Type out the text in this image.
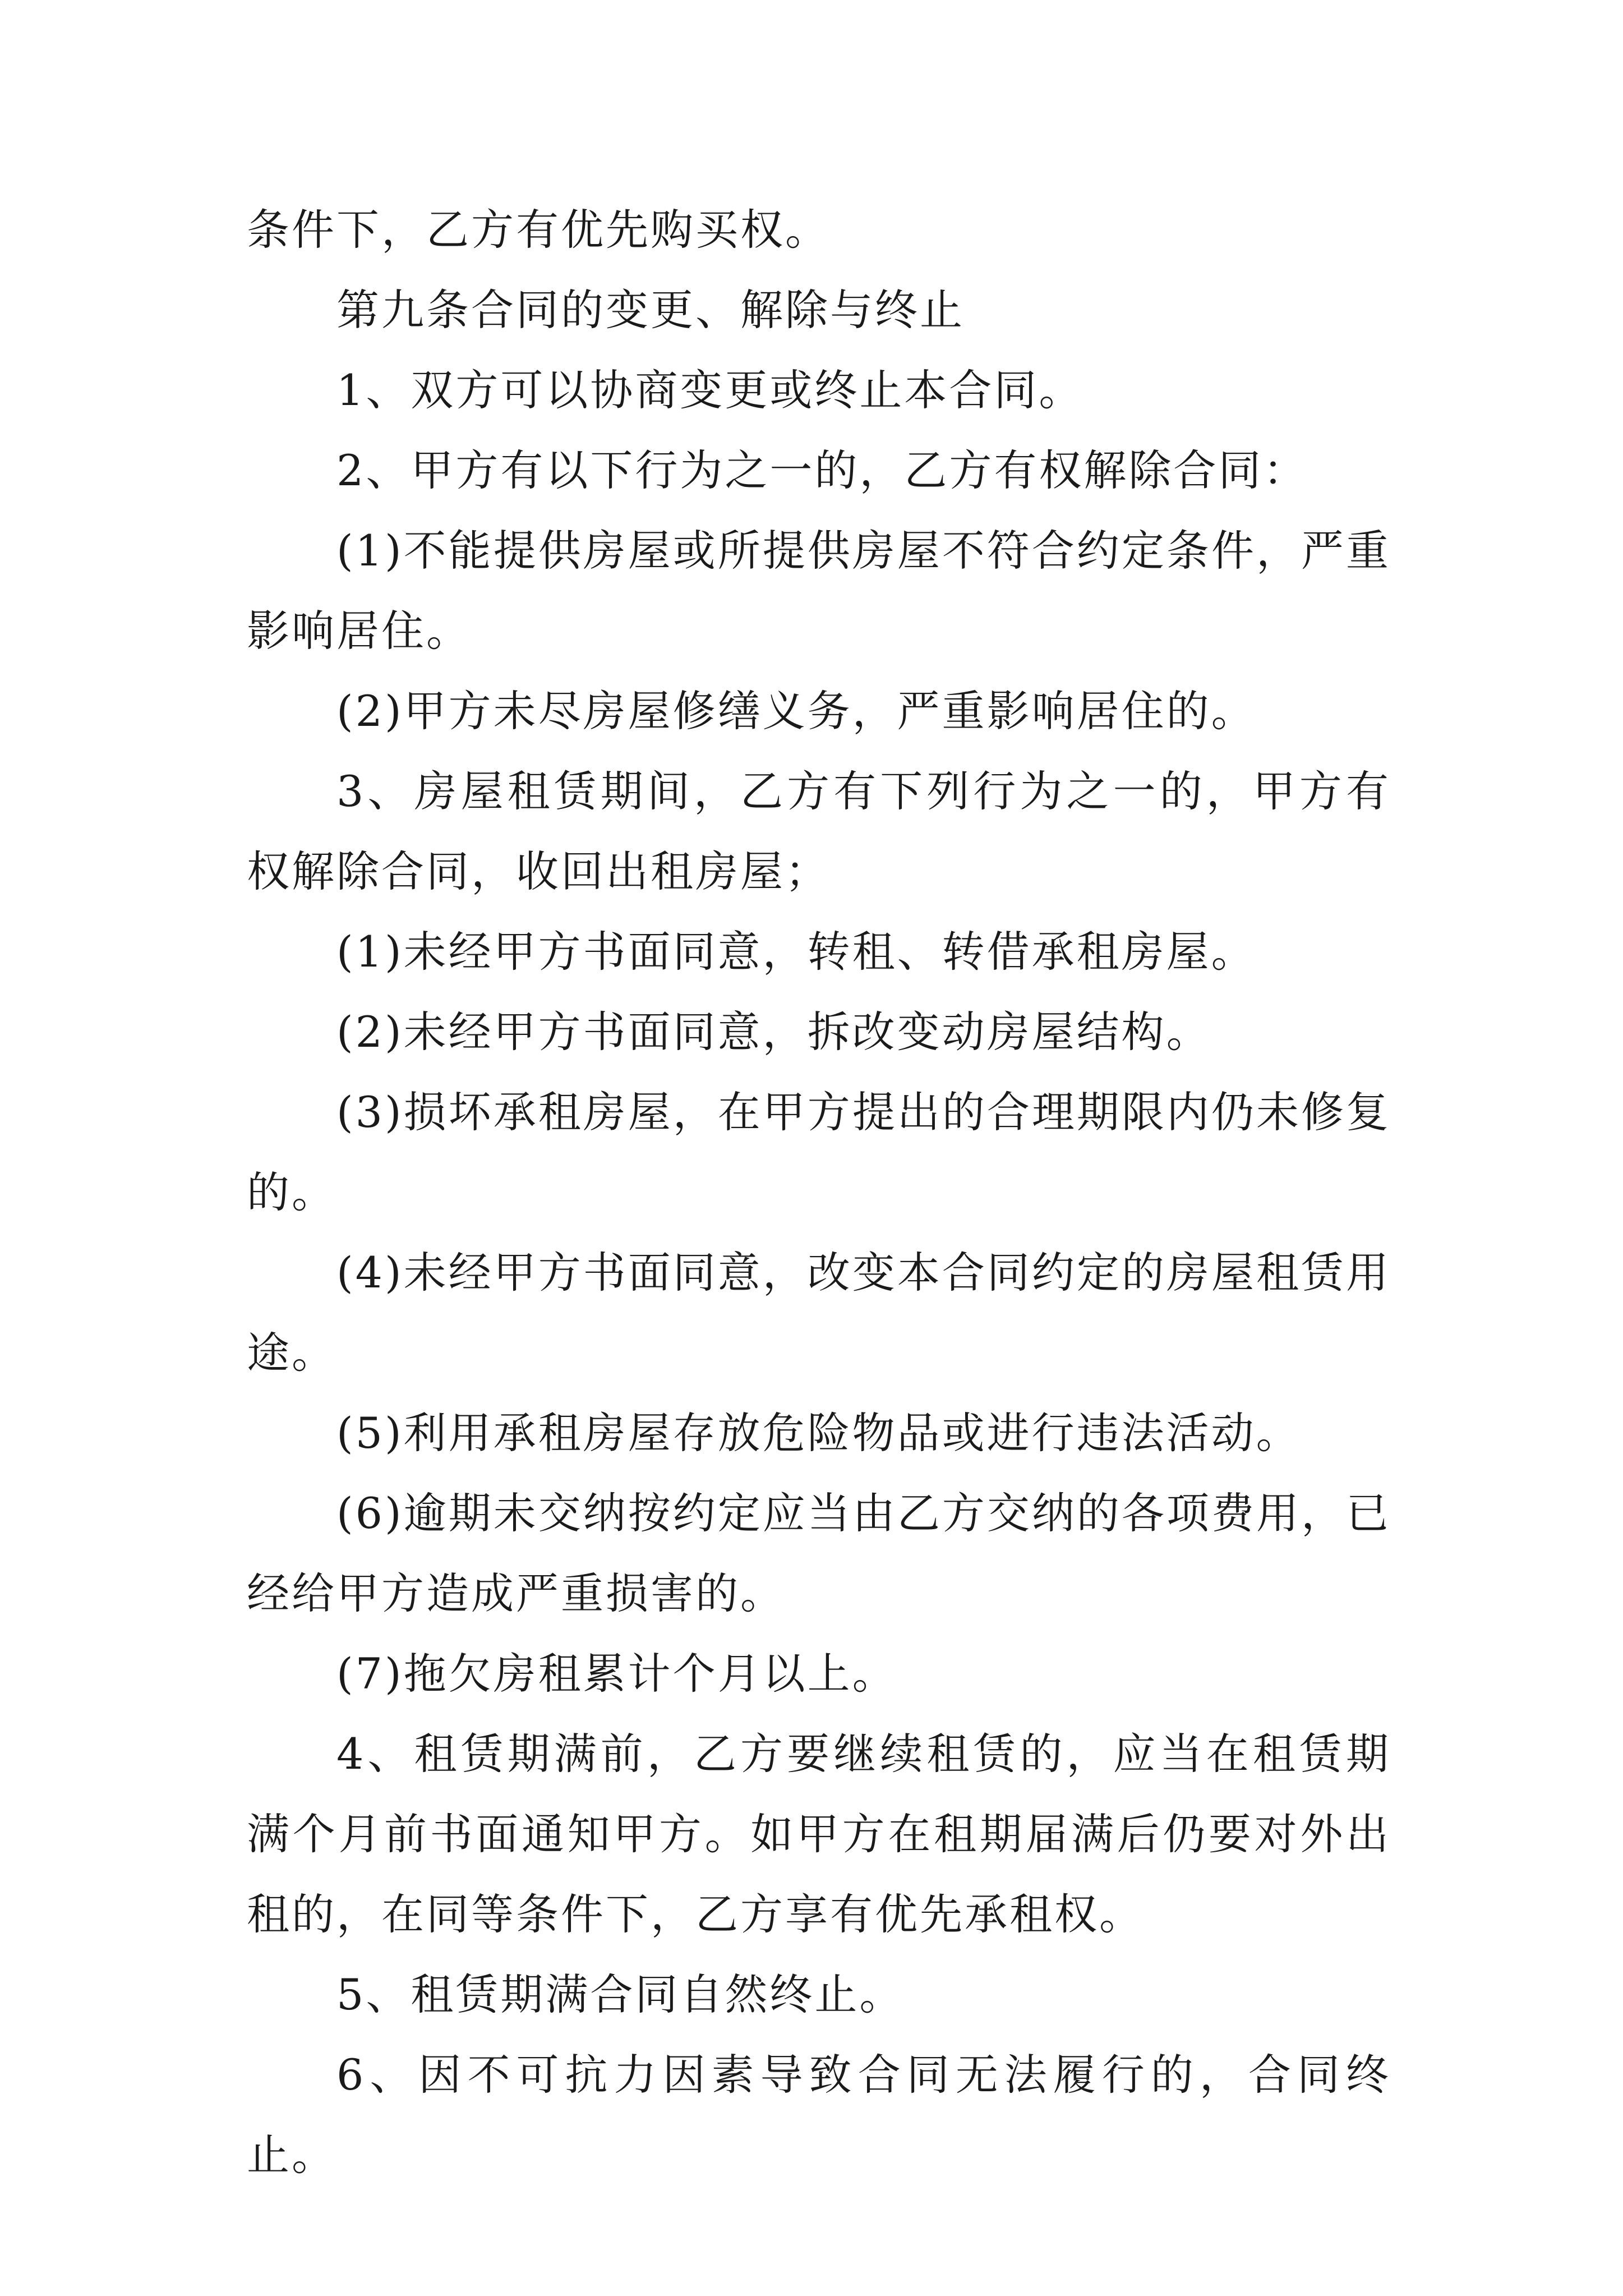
条件下，乙方有优先购买权。

第九条合同的变更、解除与终止

1、双方可以协商变更或终止本合同。

2、甲方有以下行为之一的，乙方有权解除合同：

(1)不能提供房屋或所提供房屋不符合约定条件，严重影响居住。

(2)甲方未尽房屋修缮义务，严重影响居住的。

3、房屋租赁期间，乙方有下列行为之一的，甲方有权解除合同，收回出租房屋；

(1)未经甲方书面同意，转租、转借承租房屋。

(2)未经甲方书面同意，拆改变动房屋结构。

(3)损坏承租房屋，在甲方提出的合理期限内仍未修复的。

(4)未经甲方书面同意，改变本合同约定的房屋租赁用途。

(5)利用承租房屋存放危险物品或进行违法活动。

(6)逾期未交纳按约定应当由乙方交纳的各项费用，已经给甲方造成严重损害的。

(7)拖欠房租累计个月以上。

4、租赁期满前，乙方要继续租赁的，应当在租赁期满个月前书面通知甲方。如甲方在租期届满后仍要对外出租的，在同等条件下，乙方享有优先承租权。

5、租赁期满合同自然终止。

6、因不可抗力因素导致合同无法履行的，合同终止。
